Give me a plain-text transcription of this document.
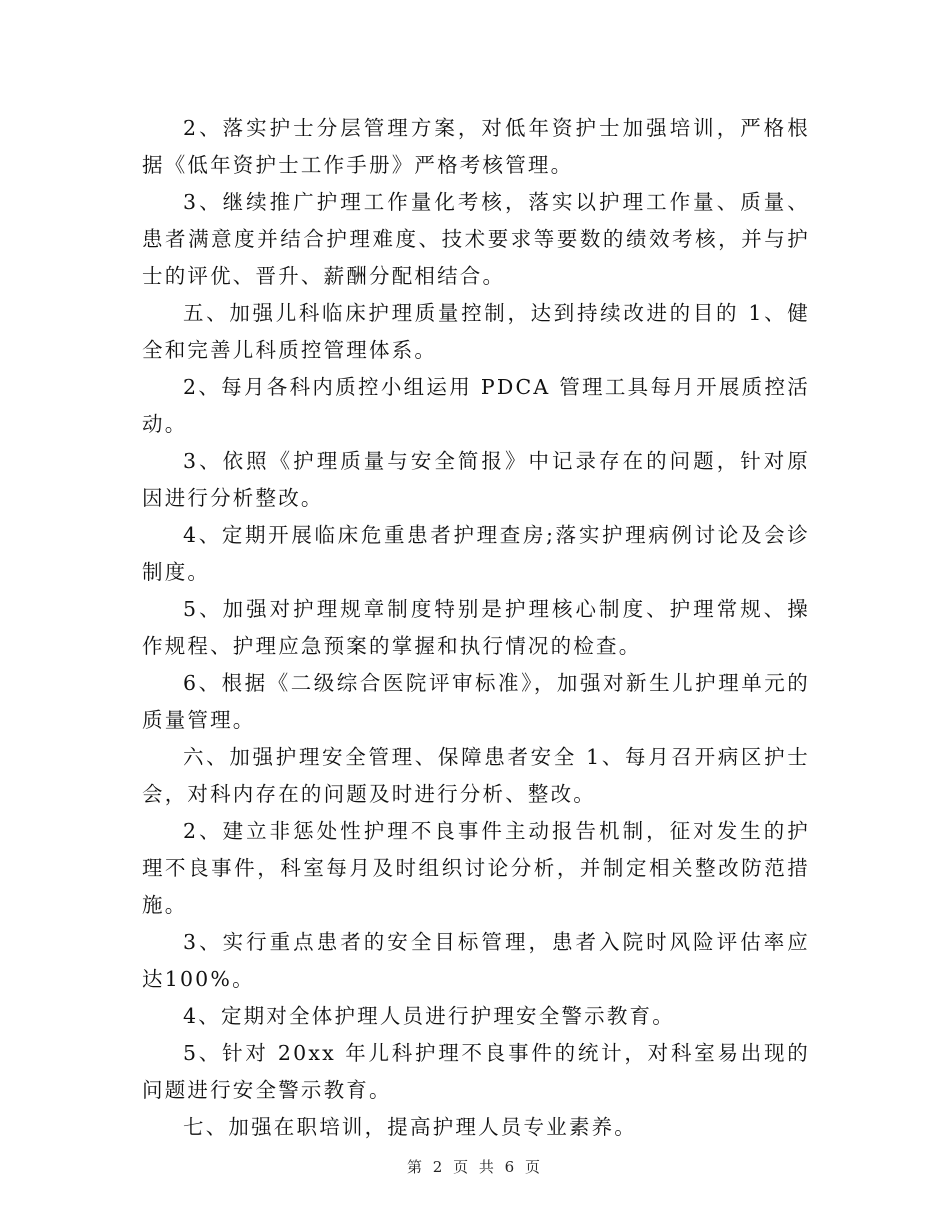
2、落实护士分层管理方案，对低年资护士加强培训，严格根据《低年资护士工作手册》严格考核管理。

3、继续推广护理工作量化考核，落实以护理工作量、质量、患者满意度并结合护理难度、技术要求等要数的绩效考核，并与护士的评优、晋升、薪酬分配相结合。

五、加强儿科临床护理质量控制，达到持续改进的目的 1、健全和完善儿科质控管理体系。

2、每月各科内质控小组运用 PDCA 管理工具每月开展质控活动。

3、依照《护理质量与安全简报》中记录存在的问题，针对原因进行分析整改。

4、定期开展临床危重患者护理查房;落实护理病例讨论及会诊制度。

5、加强对护理规章制度特别是护理核心制度、护理常规、操作规程、护理应急预案的掌握和执行情况的检查。

6、根据《二级综合医院评审标准》，加强对新生儿护理单元的质量管理。

六、加强护理安全管理、保障患者安全 1、每月召开病区护士会，对科内存在的问题及时进行分析、整改。

2、建立非惩处性护理不良事件主动报告机制，征对发生的护理不良事件，科室每月及时组织讨论分析，并制定相关整改防范措施。

3、实行重点患者的安全目标管理，患者入院时风险评估率应达100%。

4、定期对全体护理人员进行护理安全警示教育。

5、针对 20xx 年儿科护理不良事件的统计，对科室易出现的问题进行安全警示教育。

七、加强在职培训，提高护理人员专业素养。

第 2 页 共 6 页
